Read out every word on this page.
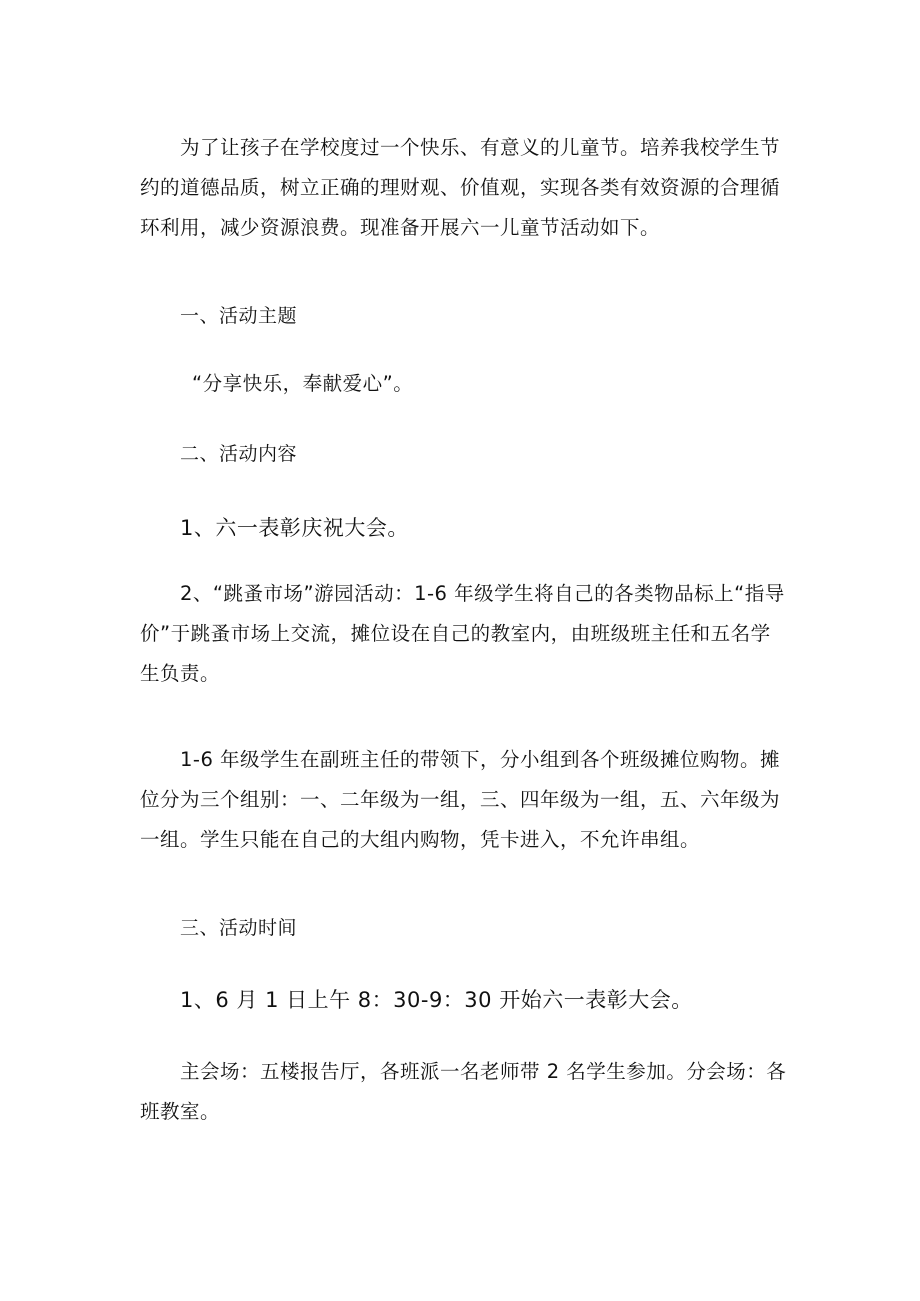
为了让孩子在学校度过一个快乐、有意义的儿童节。培养我校学生节约的道德品质，树立正确的理财观、价值观，实现各类有效资源的合理循环利用，减少资源浪费。现准备开展六一儿童节活动如下。

一、活动主题

“分享快乐，奉献爱心”。

二、活动内容

1、六一表彰庆祝大会。

2、“跳蚤市场”游园活动：1-6 年级学生将自己的各类物品标上“指导价”于跳蚤市场上交流，摊位设在自己的教室内，由班级班主任和五名学生负责。

1-6 年级学生在副班主任的带领下，分小组到各个班级摊位购物。摊位分为三个组别：一、二年级为一组，三、四年级为一组，五、六年级为一组。学生只能在自己的大组内购物，凭卡进入，不允许串组。

三、活动时间

1、6 月 1 日上午 8：30-9：30 开始六一表彰大会。

主会场：五楼报告厅，各班派一名老师带 2 名学生参加。分会场：各班教室。
